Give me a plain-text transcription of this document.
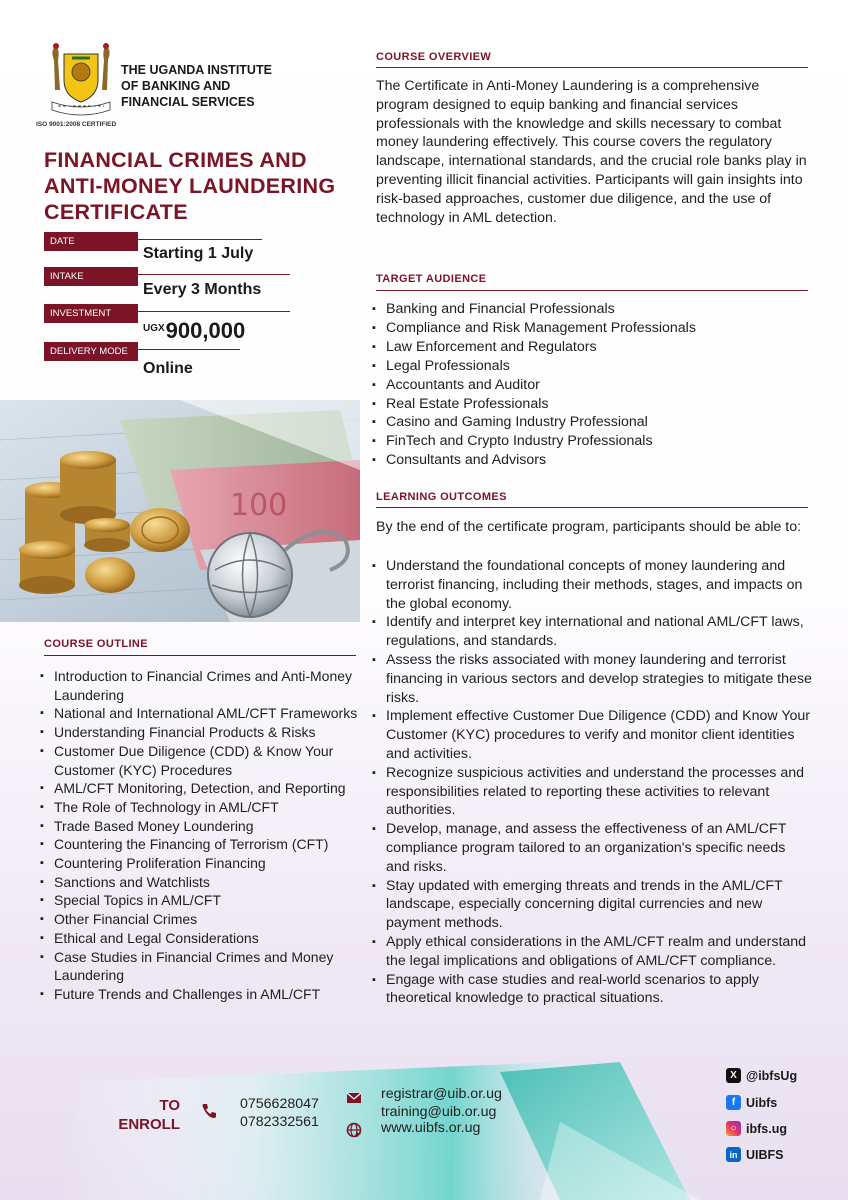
ISO 9001:2008 CERTIFIED
THE UGANDA INSTITUTE
OF BANKING AND
FINANCIAL SERVICES
FINANCIAL CRIMES AND
ANTI-MONEY LAUNDERING
CERTIFICATE
DATE
Starting 1 July
INTAKE
Every 3 Months
INVESTMENT
$^{UGX}$900,000
DELIVERY MODE
Online
100
COURSE OUTLINE
▪ Introduction to Financial Crimes and Anti-Money Laundering
▪ National and International AML/CFT Frameworks
▪ Understanding Financial Products & Risks
▪ Customer Due Diligence (CDD) & Know Your Customer (KYC) Procedures
▪ AML/CFT Monitoring, Detection, and Reporting
▪ The Role of Technology in AML/CFT
▪ Trade Based Money Loundering
▪ Countering the Financing of Terrorism (CFT)
▪ Countering Proliferation Financing
▪ Sanctions and Watchlists
▪ Special Topics in AML/CFT
▪ Other Financial Crimes
▪ Ethical and Legal Considerations
▪ Case Studies in Financial Crimes and Money Laundering
▪ Future Trends and Challenges in AML/CFT
COURSE OVERVIEW
The Certificate in Anti-Money Laundering is a comprehensive program designed to equip banking and financial services professionals with the knowledge and skills necessary to combat money laundering effectively. This course covers the regulatory landscape, international standards, and the crucial role banks play in preventing illicit financial activities. Participants will gain insights into risk-based approaches, customer due diligence, and the use of technology in AML detection.
TARGET AUDIENCE
▪ Banking and Financial Professionals
▪ Compliance and Risk Management Professionals
▪ Law Enforcement and Regulators
▪ Legal Professionals
▪ Accountants and Auditor
▪ Real Estate Professionals
▪ Casino and Gaming Industry Professional
▪ FinTech and Crypto Industry Professionals
▪ Consultants and Advisors
LEARNING OUTCOMES
By the end of the certificate program, participants should be able to:
▪ Understand the foundational concepts of money laundering and terrorist financing, including their methods, stages, and impacts on the global economy.
▪ Identify and interpret key international and national AML/CFT laws, regulations, and standards.
▪ Assess the risks associated with money laundering and terrorist financing in various sectors and develop strategies to mitigate these risks.
▪ Implement effective Customer Due Diligence (CDD) and Know Your Customer (KYC) procedures to verify and monitor client identities and activities.
▪ Recognize suspicious activities and understand the processes and responsibilities related to reporting these activities to relevant authorities.
▪ Develop, manage, and assess the effectiveness of an AML/CFT compliance program tailored to an organization's specific needs and risks.
▪ Stay updated with emerging threats and trends in the AML/CFT landscape, especially concerning digital currencies and new payment methods.
▪ Apply ethical considerations in the AML/CFT realm and understand the legal implications and obligations of AML/CFT compliance.
▪ Engage with case studies and real-world scenarios to apply theoretical knowledge to practical situations.
TO
ENROLL
0756628047
0782332561
registrar@uib.or.ug
training@uib.or.ug
www.uibfs.or.ug
X @ibfsUg
f Uibfs
○ ibfs.ug
in UIBFS
